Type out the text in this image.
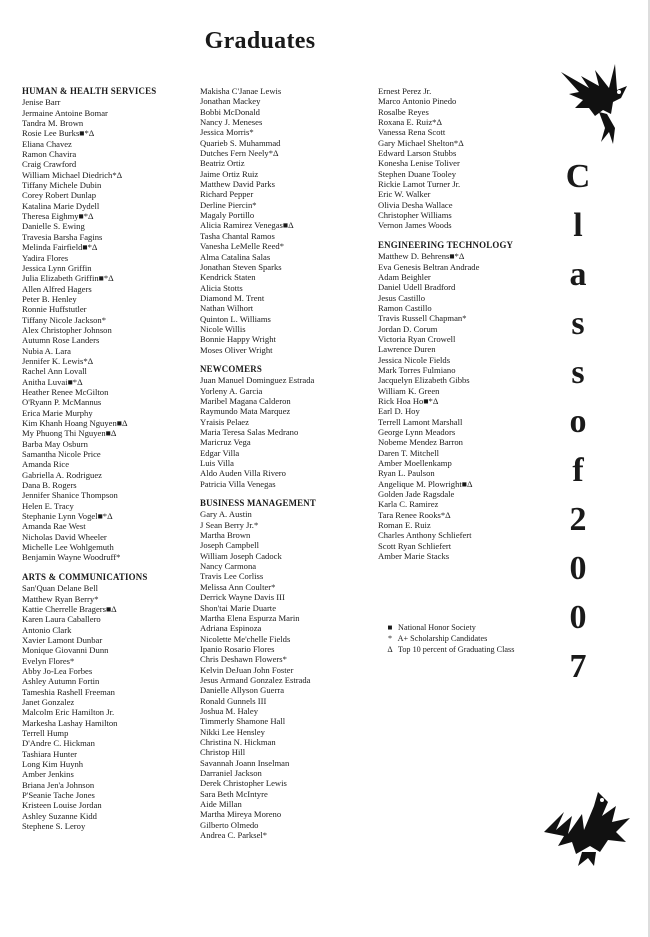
Graduates
HUMAN & HEALTH SERVICES
Jenise Barr
Jermaine Antoine Bomar
Tandra M. Brown
Rosie Lee Burks■*Δ
Eliana Chavez
Ramon Chavira
Craig Crawford
William Michael Diedrich*Δ
Tiffany Michele Dubin
Corey Robert Dunlap
Katalina Marie Dydell
Theresa Eighmy■*Δ
Danielle S. Ewing
Travesia Barsha Fagins
Melinda Fairfield■*Δ
Yadira Flores
Jessica Lynn Griffin
Julia Elizabeth Griffin■*Δ
Allen Alfred Hagers
Peter B. Henley
Ronnie Huffstutler
Tiffany Nicole Jackson*
Alex Christopher Johnson
Autumn Rose Landers
Nubia A. Lara
Jennifer K. Lewis*Δ
Rachel Ann Lovall
Anitha Luvai■*Δ
Heather Renee McGilton
O'Ryann P. McMannus
Erica Marie Murphy
Kim Khanh Hoang Nguyen■Δ
My Phuong Thi Nguyen■Δ
Barba May Osburn
Samantha Nicole Price
Amanda Rice
Gabriella A. Rodriguez
Dana B. Rogers
Jennifer Shanice Thompson
Helen E. Tracy
Stephanie Lynn Vogel■*Δ
Amanda Rae West
Nicholas David Wheeler
Michelle Lee Wohlgemuth
Benjamin Wayne Woodruff*
ARTS & COMMUNICATIONS
San'Quan Delane Bell
Matthew Ryan Berry*
Kattie Cherrelle Bragers■Δ
Karen Laura Caballero
Antonio Clark
Xavier Lamont Dunbar
Monique Giovanni Dunn
Evelyn Flores*
Abby Jo-Lea Forbes
Ashley Autumn Fortin
Tameshia Rashell Freeman
Janet Gonzalez
Malcolm Eric Hamilton Jr.
Markesha Lashay Hamilton
Terrell Hump
D'Andre C. Hickman
Tashiara Hunter
Long Kim Huynh
Amber Jenkins
Briana Jen'a Johnson
P'Seanie Tache Jones
Kristeen Louise Jordan
Ashley Suzanne Kidd
Stephene S. Leroy
Makisha C'Janae Lewis
Jonathan Mackey
Bobbi McDonald
Nancy J. Meneses
Jessica Morris*
Quarieb S. Muhammad
Dutches Fern Neely*Δ
Beatriz Ortiz
Jaime Ortiz Ruiz
Matthew David Parks
Richard Pepper
Derline Piercin*
Magaly Portillo
Alicia Ramirez Venegas■Δ
Tasha Chantal Ramos
Vanesha LeMelle Reed*
Alma Catalina Salas
Jonathan Steven Sparks
Kendrick Staten
Alicia Stotts
Diamond M. Trent
Nathan Wilhort
Quinton L. Williams
Nicole Willis
Bonnie Happy Wright
Moses Oliver Wright
NEWCOMERS
Juan Manuel Dominguez Estrada
Yorleny A. Garcia
Maribel Magana Calderon
Raymundo Mata Marquez
Yraisis Pelaez
Maria Teresa Salas Medrano
Maricruz Vega
Edgar Villa
Luis Villa
Aldo Auden Villa Rivero
Patricia Villa Venegas
BUSINESS MANAGEMENT
Gary A. Austin
J Sean Berry Jr.*
Martha Brown
Joseph Campbell
William Joseph Cadock
Nancy Carmona
Travis Lee Corliss
Melissa Ann Coulter*
Derrick Wayne Davis III
Shon'tai Marie Duarte
Martha Elena Espurza Marin
Adriana Espinoza
Nicolette Me'chelle Fields
Ipanio Rosario Flores
Chris Deshawn Flowers*
Kelvin DeJuan John Foster
Jesus Armand Gonzalez Estrada
Danielle Allyson Guerra
Ronald Gunnels III
Joshua M. Haley
Timmerly Shamone Hall
Nikki Lee Hensley
Christina N. Hickman
Christop Hill
Savannah Joann Inselman
Darraniel Jackson
Derek Christopher Lewis
Sara Beth McIntyre
Aide Millan
Martha Mireya Moreno
Gilberto Olmedo
Andrea C. Parksel*
Ernest Perez Jr.
Marco Antonio Pinedo
Rosalbe Reyes
Roxana E. Ruiz*Δ
Vanessa Rena Scott
Gary Michael Shelton*Δ
Edward Larson Stubbs
Konesha Lenise Toliver
Stephen Duane Tooley
Rickie Lamot Turner Jr.
Eric W. Walker
Olivia Desha Wallace
Christopher Williams
Vernon James Woods
ENGINEERING TECHNOLOGY
Matthew D. Behrens■*Δ
Eva Genesis Beltran Andrade
Adam Beighler
Daniel Udell Bradford
Jesus Castillo
Ramon Castillo
Travis Russell Chapman*
Jordan D. Corum
Victoria Ryan Crowell
Lawrence Duren
Jessica Nicole Fields
Mark Torres Fulmiano
Jacquelyn Elizabeth Gibbs
William K. Green
Rick Hoa Ho■*Δ
Earl D. Hoy
Terrell Lamont Marshall
George Lynn Meadors
Nobeme Mendez Barron
Daren T. Mitchell
Amber Moellenkamp
Ryan L. Paulson
Angelique M. Plowright■Δ
Golden Jade Ragsdale
Karla C. Ramirez
Tara Renee Rooks*Δ
Roman E. Ruiz
Charles Anthony Schliefert
Scott Ryan Schliefert
Amber Marie Stacks
■ National Honor Society
* A+ Scholarship Candidates
Δ Top 10 percent of Graduating Class
C
l
a
s
s
o
f
2
0
0
7
